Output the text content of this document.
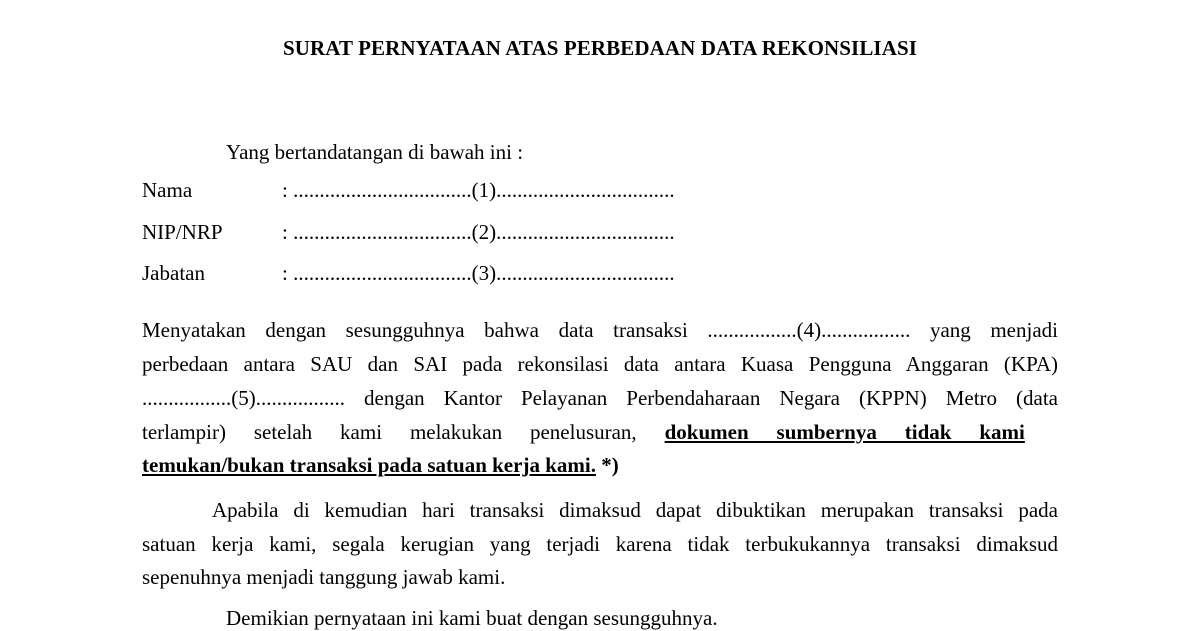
SURAT PERNYATAAN ATAS PERBEDAAN DATA REKONSILIASI
Yang bertandatangan di bawah ini :
Nama	: ..................................(1)..................................
NIP/NRP	: ..................................(2)..................................
Jabatan	: ..................................(3)..................................
Menyatakan dengan sesungguhnya bahwa data transaksi .................(4)................. yang menjadi
perbedaan antara SAU dan SAI pada rekonsilasi data antara Kuasa Pengguna Anggaran (KPA)
.................(5)................. dengan Kantor Pelayanan Perbendaharaan Negara (KPPN) Metro (data
terlampir) setelah kami melakukan penelusuran, dokumen sumbernya tidak kami
temukan/bukan transaksi pada satuan kerja kami. *)
Apabila di kemudian hari transaksi dimaksud dapat dibuktikan merupakan transaksi pada
satuan kerja kami, segala kerugian yang terjadi karena tidak terbukukannya transaksi dimaksud
sepenuhnya menjadi tanggung jawab kami.
Demikian pernyataan ini kami buat dengan sesungguhnya.
